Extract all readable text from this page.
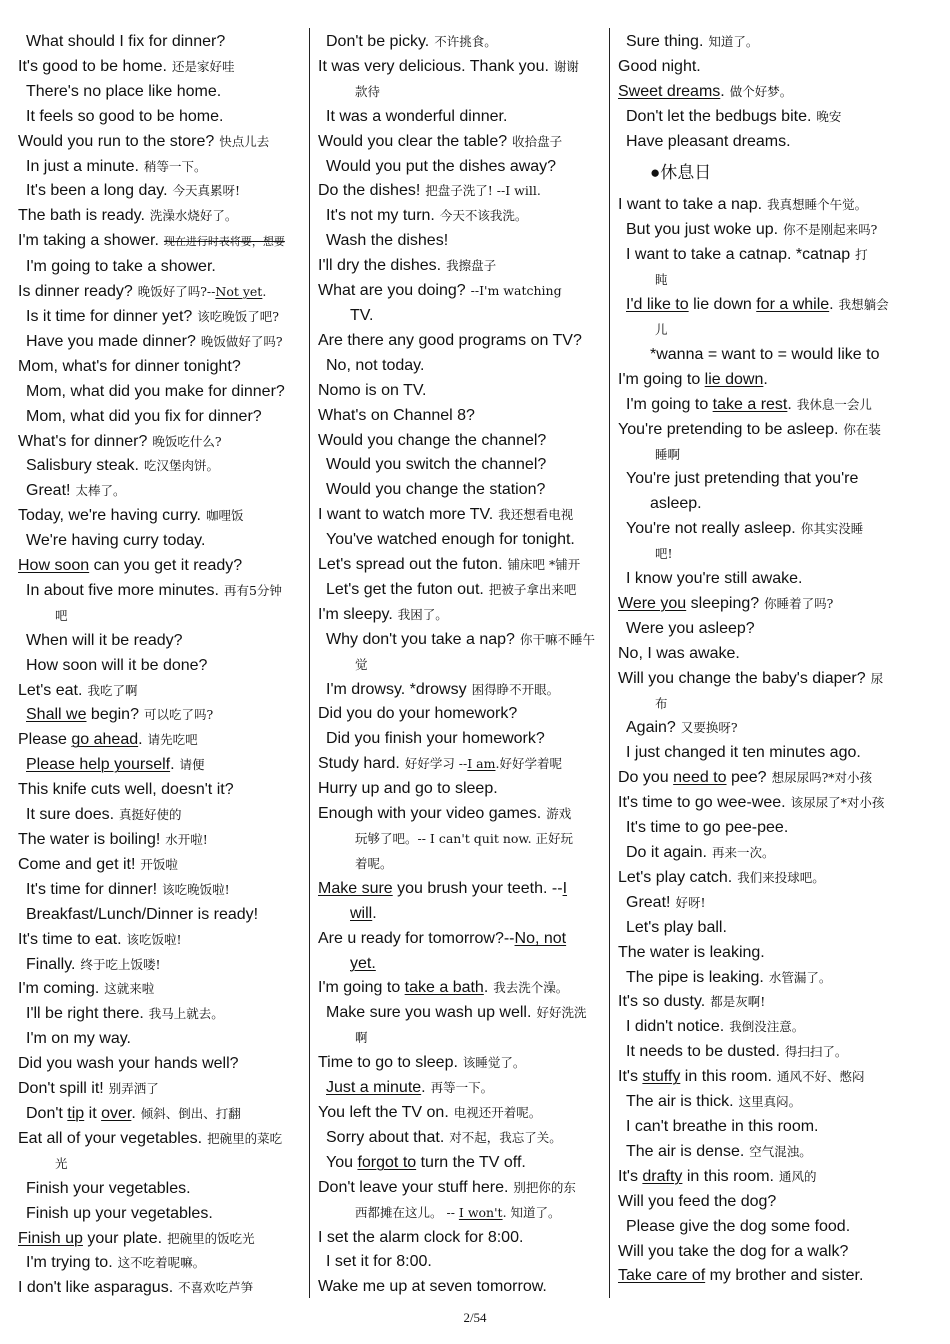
What should I fix for dinner?
It's good to be home. 还是家好哇
There's no place like home.
It feels so good to be home.
Would you run to the store? 快点儿去
In just a minute. 稍等一下。
It's been a long day. 今天真累呀!
The bath is ready. 洗澡水烧好了。
I'm taking a shower. 现在进行时表将要，想要
I'm going to take a shower.
Is dinner ready? 晚饭好了吗?--Not yet.
Is it time for dinner yet? 该吃晚饭了吧?
Have you made dinner? 晚饭做好了吗?
Mom, what's for dinner tonight?
Mom, what did you make for dinner?
Mom, what did you fix for dinner?
What's for dinner? 晚饭吃什么?
Salisbury steak. 吃汉堡肉饼。
Great! 太棒了。
Today, we're having curry. 咖哩饭
We're having curry today.
How soon can you get it ready?
In about five more minutes. 再有5分钟
吧
When will it be ready?
How soon will it be done?
Let's eat. 我吃了啊
Shall we begin? 可以吃了吗?
Please go ahead. 请先吃吧
Please help yourself. 请便
This knife cuts well, doesn't it?
It sure does. 真挺好使的
The water is boiling! 水开啦!
Come and get it! 开饭啦
It's time for dinner! 该吃晚饭啦!
Breakfast/Lunch/Dinner is ready!
It's time to eat. 该吃饭啦!
Finally. 终于吃上饭喽!
I'm coming. 这就来啦
I'll be right there. 我马上就去。
I'm on my way.
Did you wash your hands well?
Don't spill it! 别弄洒了
Don't tip it over. 倾斜、倒出、打翻
Eat all of your vegetables. 把碗里的菜吃
光
Finish your vegetables.
Finish up your vegetables.
Finish up your plate. 把碗里的饭吃光
I'm trying to. 这不吃着呢嘛。
I don't like asparagus. 不喜欢吃芦笋
Don't be picky. 不许挑食。
It was very delicious. Thank you. 谢谢
款待
It was a wonderful dinner.
Would you clear the table? 收拾盘子
Would you put the dishes away?
Do the dishes! 把盘子洗了! --I will.
It's not my turn. 今天不该我洗。
Wash the dishes!
I'll dry the dishes. 我擦盘子
What are you doing? --I'm watching
TV.
Are there any good programs on TV?
No, not today.
Nomo is on TV.
What's on Channel 8?
Would you change the channel?
Would you switch the channel?
Would you change the station?
I want to watch more TV. 我还想看电视
You've watched enough for tonight.
Let's spread out the futon. 铺床吧 *铺开
Let's get the futon out. 把被子拿出来吧
I'm sleepy. 我困了。
Why don't you take a nap? 你干嘛不睡午
觉
I'm drowsy. *drowsy 困得睁不开眼。
Did you do your homework?
Did you finish your homework?
Study hard. 好好学习 --I am.好好学着呢
Hurry up and go to sleep.
Enough with your video games. 游戏
玩够了吧。-- I can't quit now. 正好玩
着呢。
Make sure you brush your teeth. --I
will.
Are u ready for tomorrow?--No, not
yet.
I'm going to take a bath. 我去洗个澡。
Make sure you wash up well. 好好洗洗
啊
Time to go to sleep. 该睡觉了。
Just a minute. 再等一下。
You left the TV on. 电视还开着呢。
Sorry about that. 对不起，我忘了关。
You forgot to turn the TV off.
Don't leave your stuff here. 别把你的东
西都摊在这儿。 -- I won't. 知道了。
I set the alarm clock for 8:00.
I set it for 8:00.
Wake me up at seven tomorrow.
Sure thing. 知道了。
Good night.
Sweet dreams. 做个好梦。
Don't let the bedbugs bite. 晚安
Have pleasant dreams.
●休息日
I want to take a nap. 我真想睡个午觉。
But you just woke up. 你不是刚起来吗?
I want to take a catnap. *catnap 打
盹
I'd like to lie down for a while. 我想躺会
儿
*wanna = want to = would like to
I'm going to lie down.
I'm going to take a rest. 我休息一会儿
You're pretending to be asleep. 你在装
睡啊
You're just pretending that you're
asleep.
You're not really asleep. 你其实没睡
吧!
I know you're still awake.
Were you sleeping? 你睡着了吗?
Were you asleep?
No, I was awake.
Will you change the baby's diaper? 尿
布
Again? 又要换呀?
I just changed it ten minutes ago.
Do you need to pee? 想尿尿吗?*对小孩
It's time to go wee-wee. 该尿尿了*对小孩
It's time to go pee-pee.
Do it again. 再来一次。
Let's play catch. 我们来投球吧。
Great! 好呀!
Let's play ball.
The water is leaking.
The pipe is leaking. 水管漏了。
It's so dusty. 都是灰啊!
I didn't notice. 我倒没注意。
It needs to be dusted. 得扫扫了。
It's stuffy in this room. 通风不好、憋闷
The air is thick. 这里真闷。
I can't breathe in this room.
The air is dense. 空气混浊。
It's drafty in this room. 通风的
Will you feed the dog?
Please give the dog some food.
Will you take the dog for a walk?
Take care of my brother and sister.
2/54
